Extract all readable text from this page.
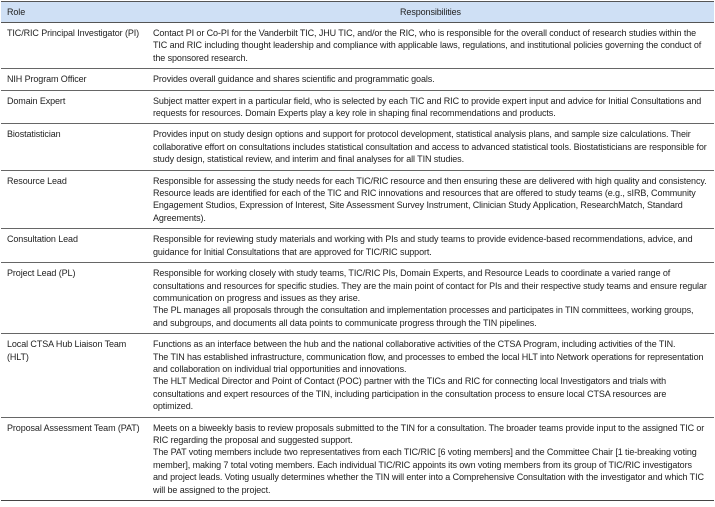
Role	Responsibilities
TIC/RIC Principal Investigator (PI)	Contact PI or Co-PI for the Vanderbilt TIC, JHU TIC, and/or the RIC, who is responsible for the overall conduct of research studies within the TIC and RIC including thought leadership and compliance with applicable laws, regulations, and institutional policies governing the conduct of the sponsored research.

NIH Program Officer	Provides overall guidance and shares scientific and programmatic goals.

Domain Expert	Subject matter expert in a particular field, who is selected by each TIC and RIC to provide expert input and advice for Initial Consultations and requests for resources. Domain Experts play a key role in shaping final recommendations and products.

Biostatistician	Provides input on study design options and support for protocol development, statistical analysis plans, and sample size calculations. Their collaborative effort on consultations includes statistical consultation and access to advanced statistical tools. Biostatisticians are responsible for study design, statistical review, and interim and final analyses for all TIN studies.

Resource Lead	Responsible for assessing the study needs for each TIC/RIC resource and then ensuring these are delivered with high quality and consistency. Resource leads are identified for each of the TIC and RIC innovations and resources that are offered to study teams (e.g., sIRB, Community Engagement Studios, Expression of Interest, Site Assessment Survey Instrument, Clinician Study Application, ResearchMatch, Standard Agreements).

Consultation Lead	Responsible for reviewing study materials and working with PIs and study teams to provide evidence-based recommendations, advice, and guidance for Initial Consultations that are approved for TIC/RIC support.

Project Lead (PL)	Responsible for working closely with study teams, TIC/RIC PIs, Domain Experts, and Resource Leads to coordinate a varied range of consultations and resources for specific studies. They are the main point of contact for PIs and their respective study teams and ensure regular communication on progress and issues as they arise.
The PL manages all proposals through the consultation and implementation processes and participates in TIN committees, working groups, and subgroups, and documents all data points to communicate progress through the TIN pipelines.

Local CTSA Hub Liaison Team (HLT)	Functions as an interface between the hub and the national collaborative activities of the CTSA Program, including activities of the TIN.
The TIN has established infrastructure, communication flow, and processes to embed the local HLT into Network operations for representation and collaboration on individual trial opportunities and innovations.
The HLT Medical Director and Point of Contact (POC) partner with the TICs and RIC for connecting local Investigators and trials with consultations and expert resources of the TIN, including participation in the consultation process to ensure local CTSA resources are optimized.

Proposal Assessment Team (PAT)	Meets on a biweekly basis to review proposals submitted to the TIN for a consultation. The broader teams provide input to the assigned TIC or RIC regarding the proposal and suggested support.
The PAT voting members include two representatives from each TIC/RIC [6 voting members] and the Committee Chair [1 tie-breaking voting member], making 7 total voting members. Each individual TIC/RIC appoints its own voting members from its group of TIC/RIC investigators and project leads. Voting usually determines whether the TIN will enter into a Comprehensive Consultation with the investigator and which TIC will be assigned to the project.
